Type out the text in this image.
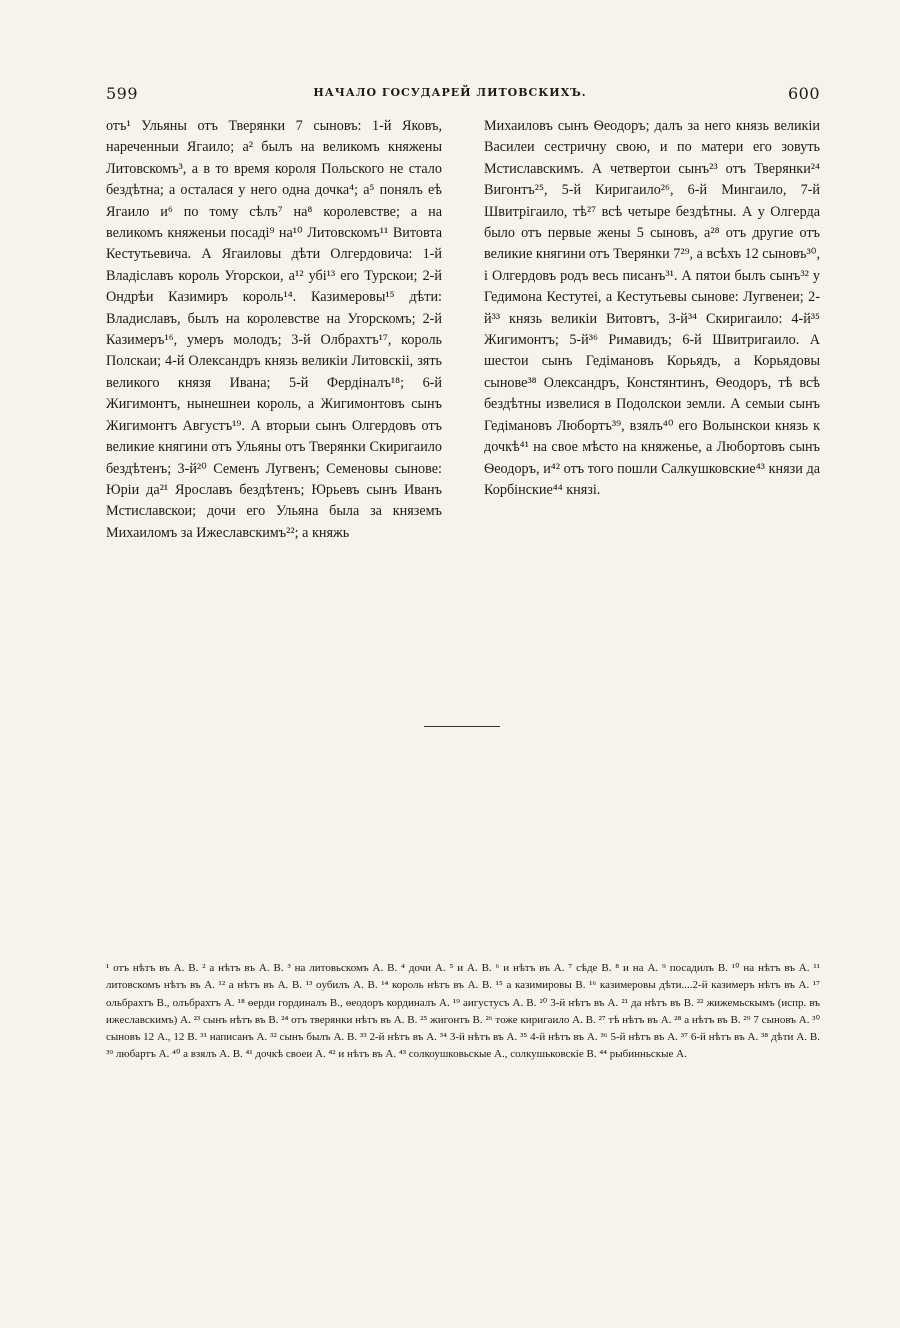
599	НАЧАЛО ГОСУДАРЕЙ ЛИТОВСКИХЪ.	600

отъ¹ Ульяны отъ Тверянки 7 сыновъ: 1-й Яковъ, нареченныи Ягаило; а² былъ на великомъ княжены Литовскомъ³, а в то время короля Польского не стало бездѣтна; а осталася у него одна дочка⁴; а⁵ понялъ еѣ Ягаило и⁶ по тому сѣлъ⁷ на⁸ королевстве; а на великомъ княженьи посадi⁹ на¹⁰ Литовскомъ¹¹ Витовта Кестутьевича. А Ягаиловы дѣти Олгердовича: 1-й Владiславъ король Угорскои, а¹² убi¹³ его Турскои; 2-й Ондрѣи Казимиръ король¹⁴. Казимеровы¹⁵ дѣти: Владиславъ, былъ на королевстве на Угорскомъ; 2-й Казимеръ¹⁶, умеръ молодъ; 3-й Олбрахтъ¹⁷, король Полскаи; 4-й Олександръ князь великiи Литовскii, зять великого князя Ивана; 5-й Фердiналъ¹⁸; 6-й Жигимонтъ, нынешнеи король, а Жигимонтовъ сынъ Жигимонтъ Августъ¹⁹. А вторыи сынъ Олгердовъ отъ великие княгини отъ Ульяны отъ Тверянки Скиригаило бездѣтенъ; 3-й²⁰ Семенъ Лугвенъ; Семеновы сынове: Юрiи да²¹ Ярославъ бездѣтенъ; Юрьевъ сынъ Иванъ Мстиславскои; дочи его Ульяна была за княземъ Михаиломъ за Ижеславскимъ²²; а княжь

Михаиловъ сынъ Ѳеодоръ; далъ за него князь великiи Василеи сестричну свою, и по матери его зовуть Мстиславскимъ. А четвертои сынъ²³ отъ Тверянки²⁴ Вигонтъ²⁵, 5-й Киригаило²⁶, 6-й Мингаило, 7-й Швитрiгаило, тѣ²⁷ всѣ четыре бездѣтны. А у Олгерда было отъ первые жены 5 сыновъ, а²⁸ отъ другие отъ великие княгини отъ Тверянки 7²⁹, а всѣхъ 12 сыновъ³⁰, i Олгердовъ родъ весь писанъ³¹. А пятои былъ сынъ³² у Гедимона Кестутеi, а Кестутьевы сынове: Лугвенеи; 2-й³³ князь великiи Витовтъ, 3-й³⁴ Скиригаило: 4-й³⁵ Жигимонтъ; 5-й³⁶ Римавидъ; 6-й Швитригаило. А шестои сынъ Гедiмановъ Корьядъ, а Корьядовы сынове³⁸ Олександръ, Констянтинъ, Ѳеодоръ, тѣ всѣ бездѣтны извелися в Подолскои земли. А семыи сынъ Гедiмановъ Любортъ³⁹, взялъ⁴⁰ его Волынскои князь к дочкѣ⁴¹ на свое мѣсто на княженье, а Любортовъ сынъ Ѳеодоръ, и⁴² отъ того пошли Салкушковские⁴³ князи да Корбiнские⁴⁴ князi.

¹ отъ нѣтъ въ А. В. ² а нѣтъ въ А. В. ³ на литовьскомъ А. В. ⁴ дочи А. ⁵ и А. В. ⁶ и нѣтъ въ А. ⁷ сѣде В. ⁸ и на А. ⁹ посадилъ В. ¹⁰ на нѣтъ въ А. ¹¹ литовскомъ нѣтъ въ А. ¹² а нѣтъ въ А. В. ¹³ oубилъ А. В. ¹⁴ король нѣтъ въ А. В. ¹⁵ а казимировы В. ¹⁶ казимеровы дѣти....2-й казимеръ нѣтъ въ А. ¹⁷ ольбрахтъ В., олъбрахтъ А. ¹⁸ ѳерди гординалъ В., ѳеодоръ кординалъ А. ¹⁹ аигустусъ А. В. ²⁰ 3-й нѣтъ въ А. ²¹ да нѣтъ въ В. ²² жижемьскымъ (испр. въ ижеславскимъ) А. ²³ сынъ нѣтъ въ В. ²⁴ отъ тверянки нѣтъ въ А. В. ²⁵ жигонтъ В. ²⁶ тоже киригаило А. В. ²⁷ тѣ нѣтъ въ А. ²⁸ а нѣтъ въ В. ²⁹ 7 сыновъ А. ³⁰ сыновъ 12 А., 12 В. ³¹ написанъ А. ³² сынъ былъ А. В. ³³ 2-й нѣтъ въ А. ³⁴ 3-й нѣтъ въ А. ³⁵ 4-й нѣтъ въ А. ³⁶ 5-й нѣтъ въ А. ³⁷ 6-й нѣтъ въ А. ³⁸ дѣти А. В. ³⁹ любартъ А. ⁴⁰ а взялъ А. В. ⁴¹ дочкѣ своеи А. ⁴² и нѣтъ въ А. ⁴³ солкоушковьскые А., солкушьковскiе В. ⁴⁴ рыбинньскые А.
